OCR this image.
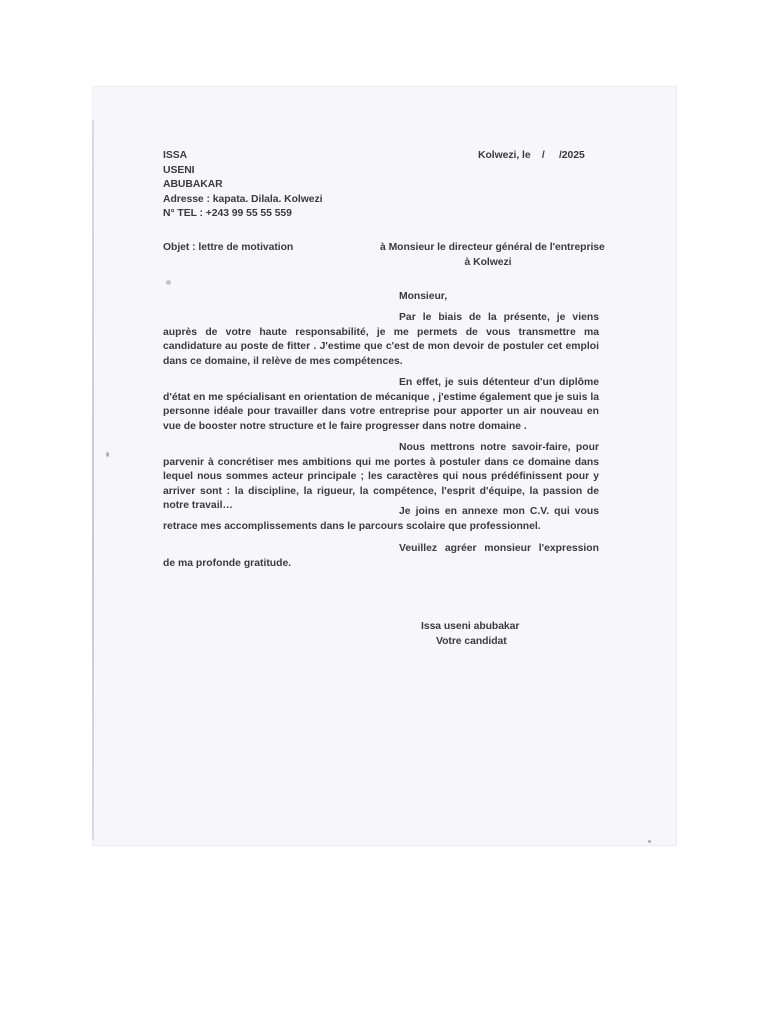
ISSA

USENI

ABUBAKAR

Adresse : kapata. Dilala. Kolwezi

N° TEL : +243 99 55 55 559

Kolwezi, le    /     /2025

Objet : lettre de motivation	à Monsieur le directeur général de l'entreprise

à Kolwezi

Monsieur,

Par le biais de la présente, je viens auprès de votre haute responsabilité, je me permets de vous transmettre ma candidature au poste de fitter . J'estime que c'est de mon devoir de postuler cet emploi dans ce domaine, il relève de mes compétences.

En effet, je suis détenteur d'un diplôme d'état en me spécialisant en orientation de mécanique , j'estime également que je suis la personne idéale pour travailler dans votre entreprise pour apporter un air nouveau en vue de booster notre structure et le faire progresser dans notre domaine .

Nous mettrons notre savoir-faire, pour parvenir à concrétiser mes ambitions qui me portes à postuler dans ce domaine dans lequel nous sommes acteur principale ; les caractères qui nous prédéfinissent pour y arriver sont : la discipline, la rigueur, la compétence, l'esprit d'équipe, la passion de notre travail…

Je joins en annexe mon C.V. qui vous retrace mes accomplissements dans le parcours scolaire que professionnel.

Veuillez agréer monsieur l'expression de ma profonde gratitude.

Issa useni abubakar

Votre candidat
